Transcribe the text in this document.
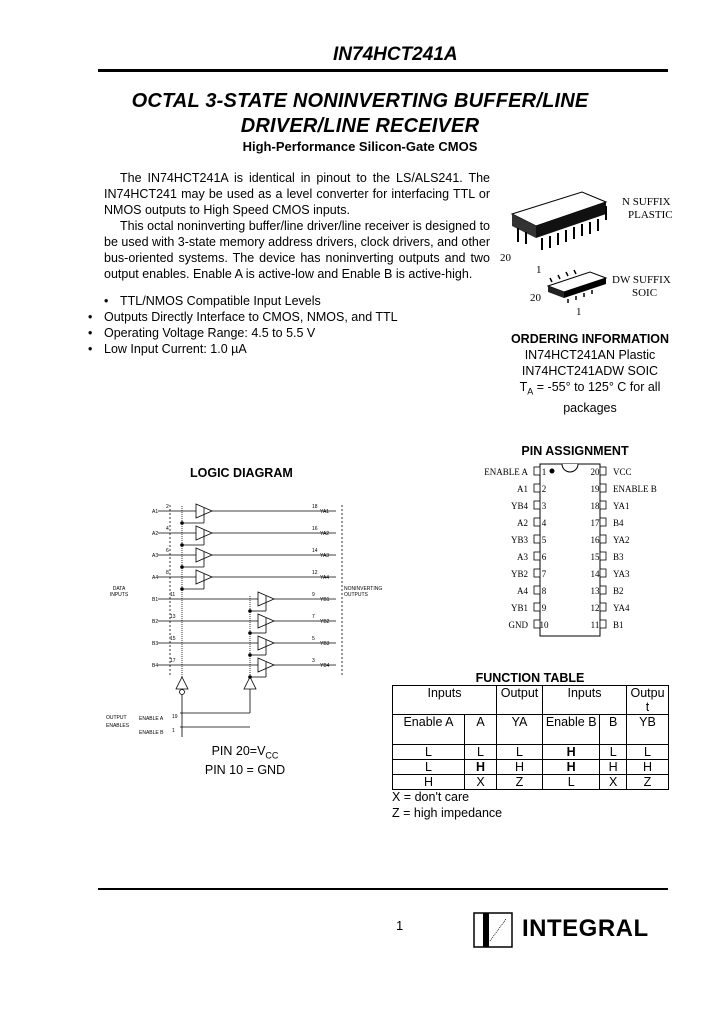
IN74HCT241A
OCTAL 3-STATE NONINVERTING BUFFER/LINE
DRIVER/LINE RECEIVER
High-Performance Silicon-Gate CMOS

The IN74HCT241A is identical in pinout to the LS/ALS241. The IN74HCT241 may be used as a level converter for interfacing TTL or NMOS outputs to High Speed CMOS inputs.

This octal noninverting buffer/line driver/line receiver is designed to be used with 3-state memory address drivers, clock drivers, and other bus-oriented systems. The device has noninverting outputs and two output enables. Enable A is active-low and Enable B is active-high.

• TTL/NMOS Compatible Input Levels
• Outputs Directly Interface to CMOS, NMOS, and TTL
• Operating Voltage Range: 4.5 to 5.5 V
• Low Input Current: 1.0 µA
N SUFFIX
PLASTIC
20
1
DW SUFFIX
SOIC
20
1
ORDERING INFORMATION
IN74HCT241AN Plastic
IN74HCT241ADW SOIC
$T_A = -55^\circ$ to 125° C for all
packages
PIN ASSIGNMENT
ENABLE A	1	20 VCC
A1	2	19 ENABLE B
YB4	3	18 YA1
A2	4	17 B4
YB3	5	16 YA2
A3	6	15 B3
YB2	7	14 YA3
A4	8	13 B2
YB1	9	12 YA4
GND 10	11 B1
LOGIC DIAGRAM
A1
2	18
YA1
A2
4	16
YA2
A3
6	14
YA3
A4
8	12
YA4
B1
11	9
YB1
B2
13	7
YB2
B3
15	5
YB3
B4
17	3
YB4
DATA
INPUTS
NONINVERTING
OUTPUTS
OUTPUT
ENABLES
ENABLE A
ENABLE B
19
1
PIN $20=V_{CC}$
PIN 10 = GND
FUNCTION TABLE
Inputs		Output	Inputs		Outpu t
Enable A	A	YA	Enable B	B	YB
L	L	L	H	L	L
L	H	H	H	H	H
H	X	Z	L	X	Z
X = don't care
Z = high impedance
1	INTEGRAL
